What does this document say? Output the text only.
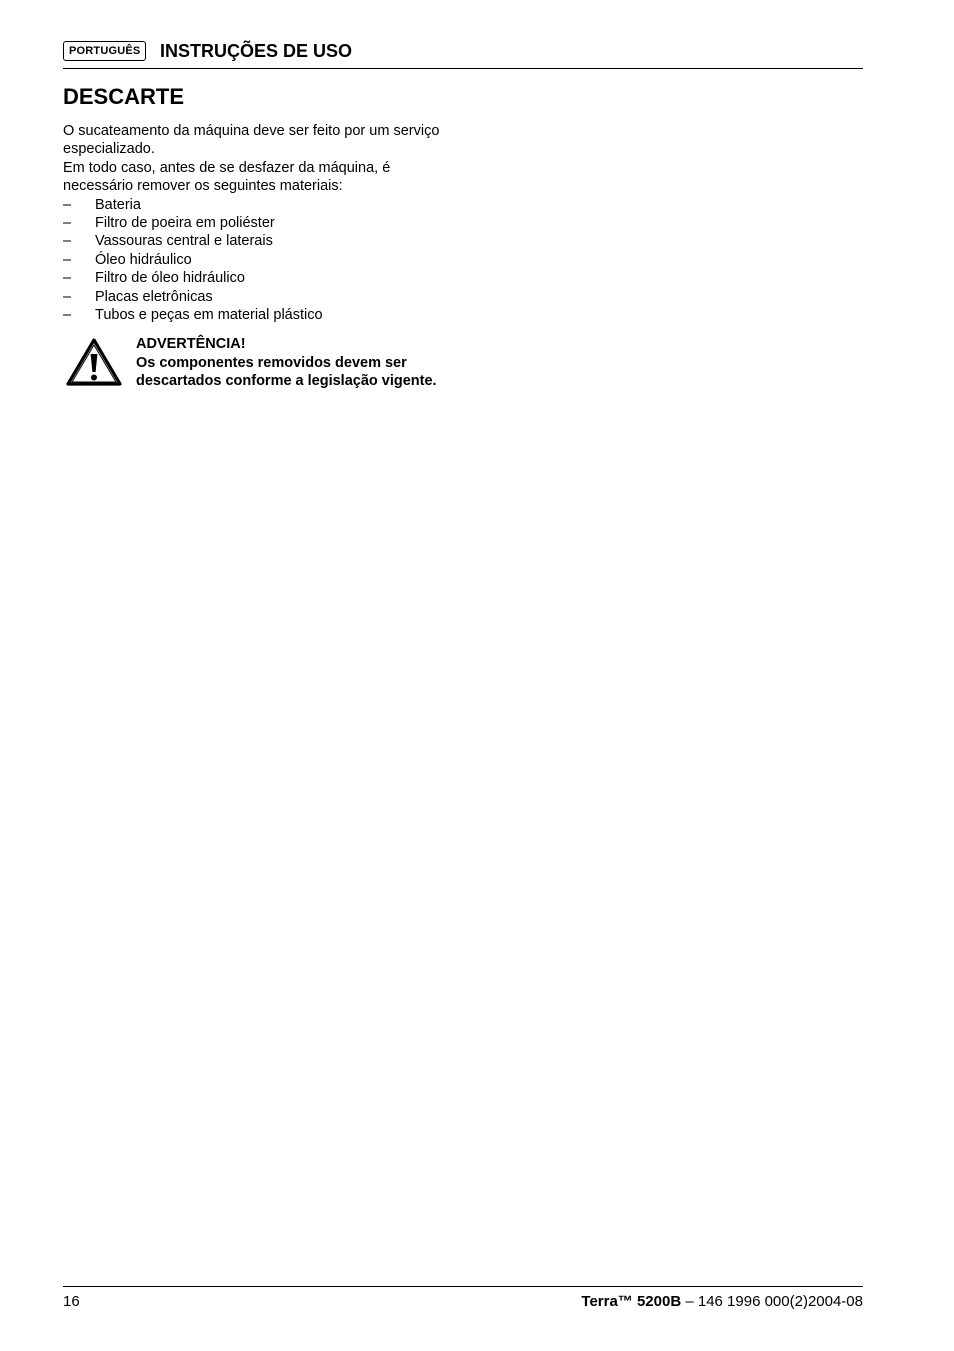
PORTUGUÊS	INSTRUÇÕES DE USO
DESCARTE

O sucateamento da máquina deve ser feito por um serviço especializado.

Em todo caso, antes de se desfazer da máquina, é necessário remover os seguintes materiais:

– Bateria
– Filtro de poeira em poliéster
– Vassouras central e laterais
– Óleo hidráulico
– Filtro de óleo hidráulico
– Placas eletrônicas
– Tubos e peças em material plástico
ADVERTÊNCIA!
Os componentes removidos devem ser
descartados conforme a legislação vigente.
16	Terra™ 5200B – 146 1996 000(2)2004-08
